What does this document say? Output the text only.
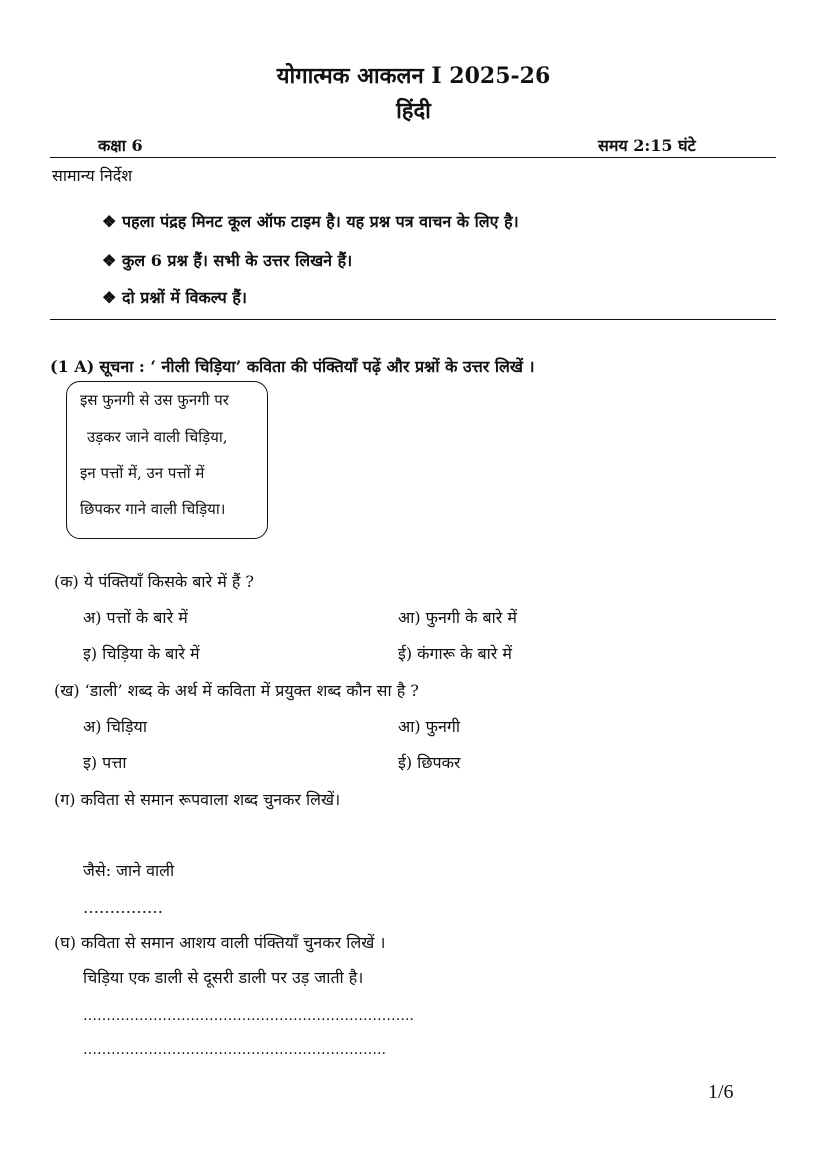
योगात्मक आकलन I 2025-26
हिंदी
कक्षा 6	समय 2:15 घंटे
सामान्य निर्देश
❖ पहला पंद्रह मिनट कूल ऑफ टाइम है। यह प्रश्न पत्र वाचन के लिए है।
❖ कुल 6 प्रश्न हैं। सभी के उत्तर लिखने हैं।
❖ दो प्रश्नों में विकल्प हैं।
(1 A) सूचना : ‘ नीली चिड़िया’ कविता की पंक्तियाँ पढ़ें और प्रश्नों के उत्तर लिखें ।
इस फुनगी से उस फुनगी पर
उड़कर जाने वाली चिड़िया,
इन पत्तों में, उन पत्तों में
छिपकर गाने वाली चिड़िया।
(क) ये पंक्तियाँ किसके बारे में हैं ?
अ) पत्तों के बारे में	आ) फुनगी के बारे में
इ) चिड़िया के बारे में	ई) कंगारू के बारे में
(ख) ‘डाली’ शब्द के अर्थ में कविता में प्रयुक्त शब्द कौन सा है ?
अ) चिड़िया	आ) फुनगी
इ) पत्ता	ई) छिपकर
(ग) कविता से समान रूपवाला शब्द चुनकर लिखें।
जैसे: जाने वाली
……………
(घ) कविता से समान आशय वाली पंक्तियाँ चुनकर लिखें ।
चिड़िया एक डाली से दूसरी डाली पर उड़ जाती है।
……………………………………………………………..
………………………………………………………..
1/6
